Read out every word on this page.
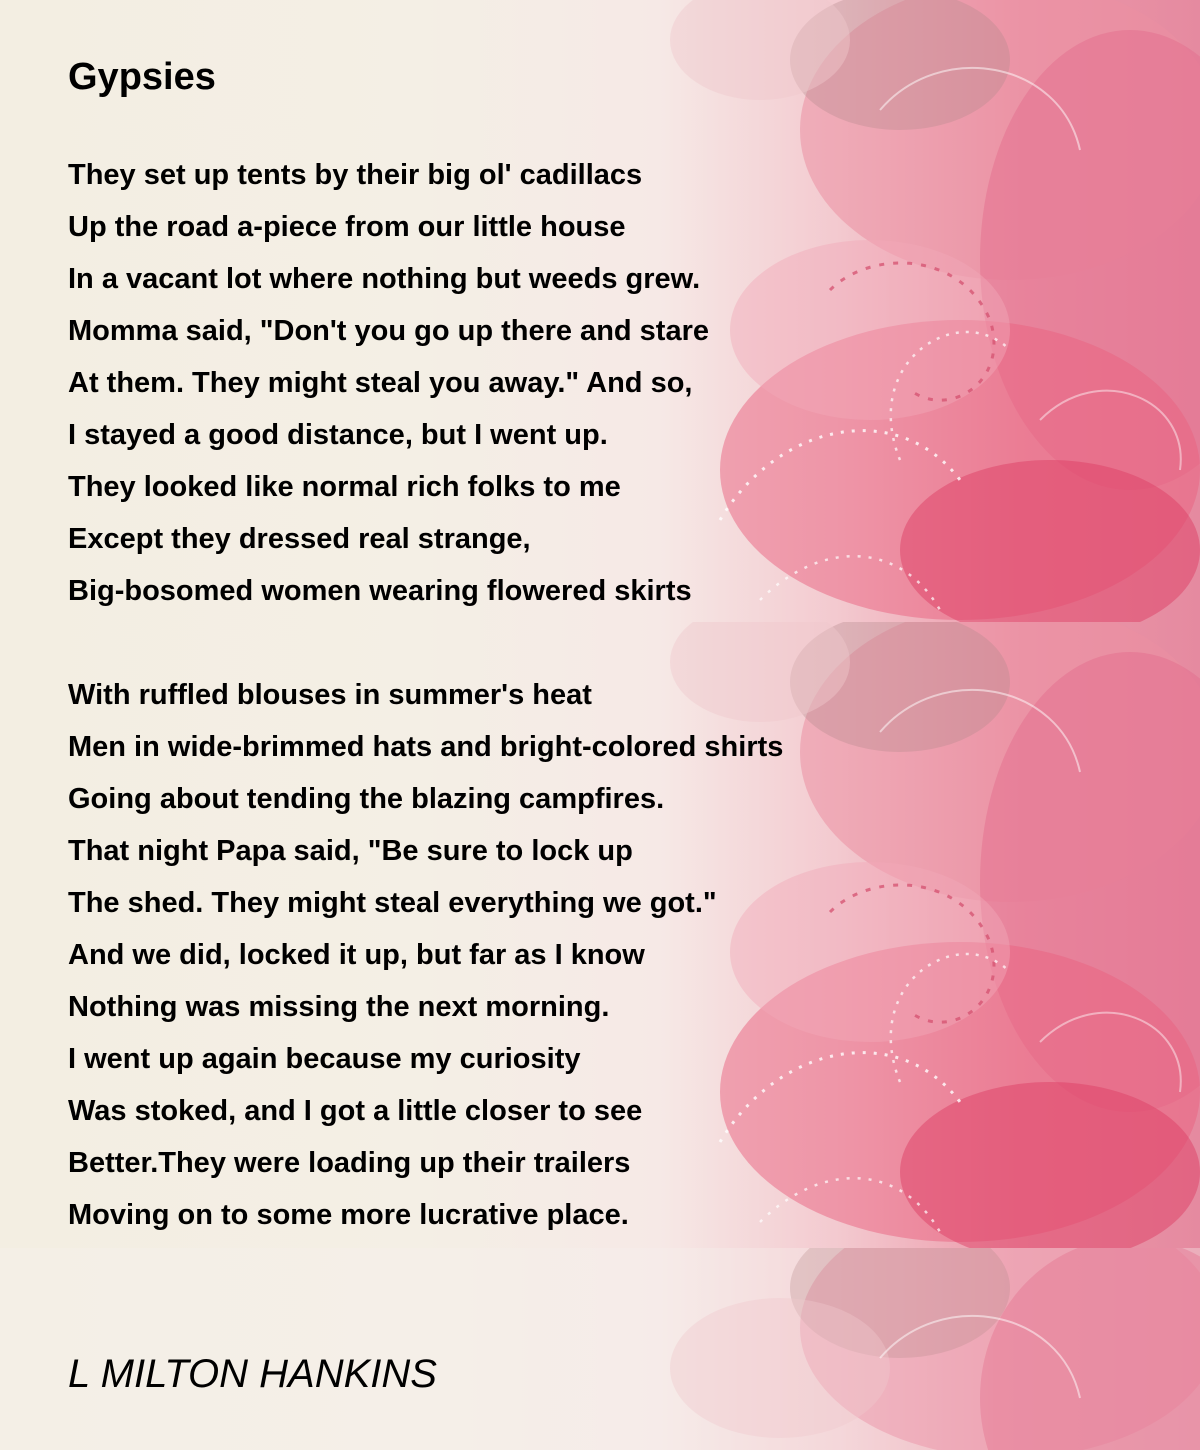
Gypsies
They set up tents by their big ol' cadillacs
Up the road a-piece from our little house
In a vacant lot where nothing but weeds grew.
Momma said, "Don't you go up there and stare
At them. They might steal you away." And so,
I stayed a good distance, but I went up.
They looked like normal rich folks to me
Except they dressed real strange,
Big-bosomed women wearing flowered skirts
With ruffled blouses in summer's heat
Men in wide-brimmed hats and bright-colored shirts
Going about tending the blazing campfires.
That night Papa said, "Be sure to lock up
The shed. They might steal everything we got."
And we did, locked it up, but far as I know
Nothing was missing the next morning.
I went up again because my curiosity
Was stoked, and I got a little closer to see
Better.They were loading up their trailers
Moving on to some more lucrative place.
L MILTON HANKINS
